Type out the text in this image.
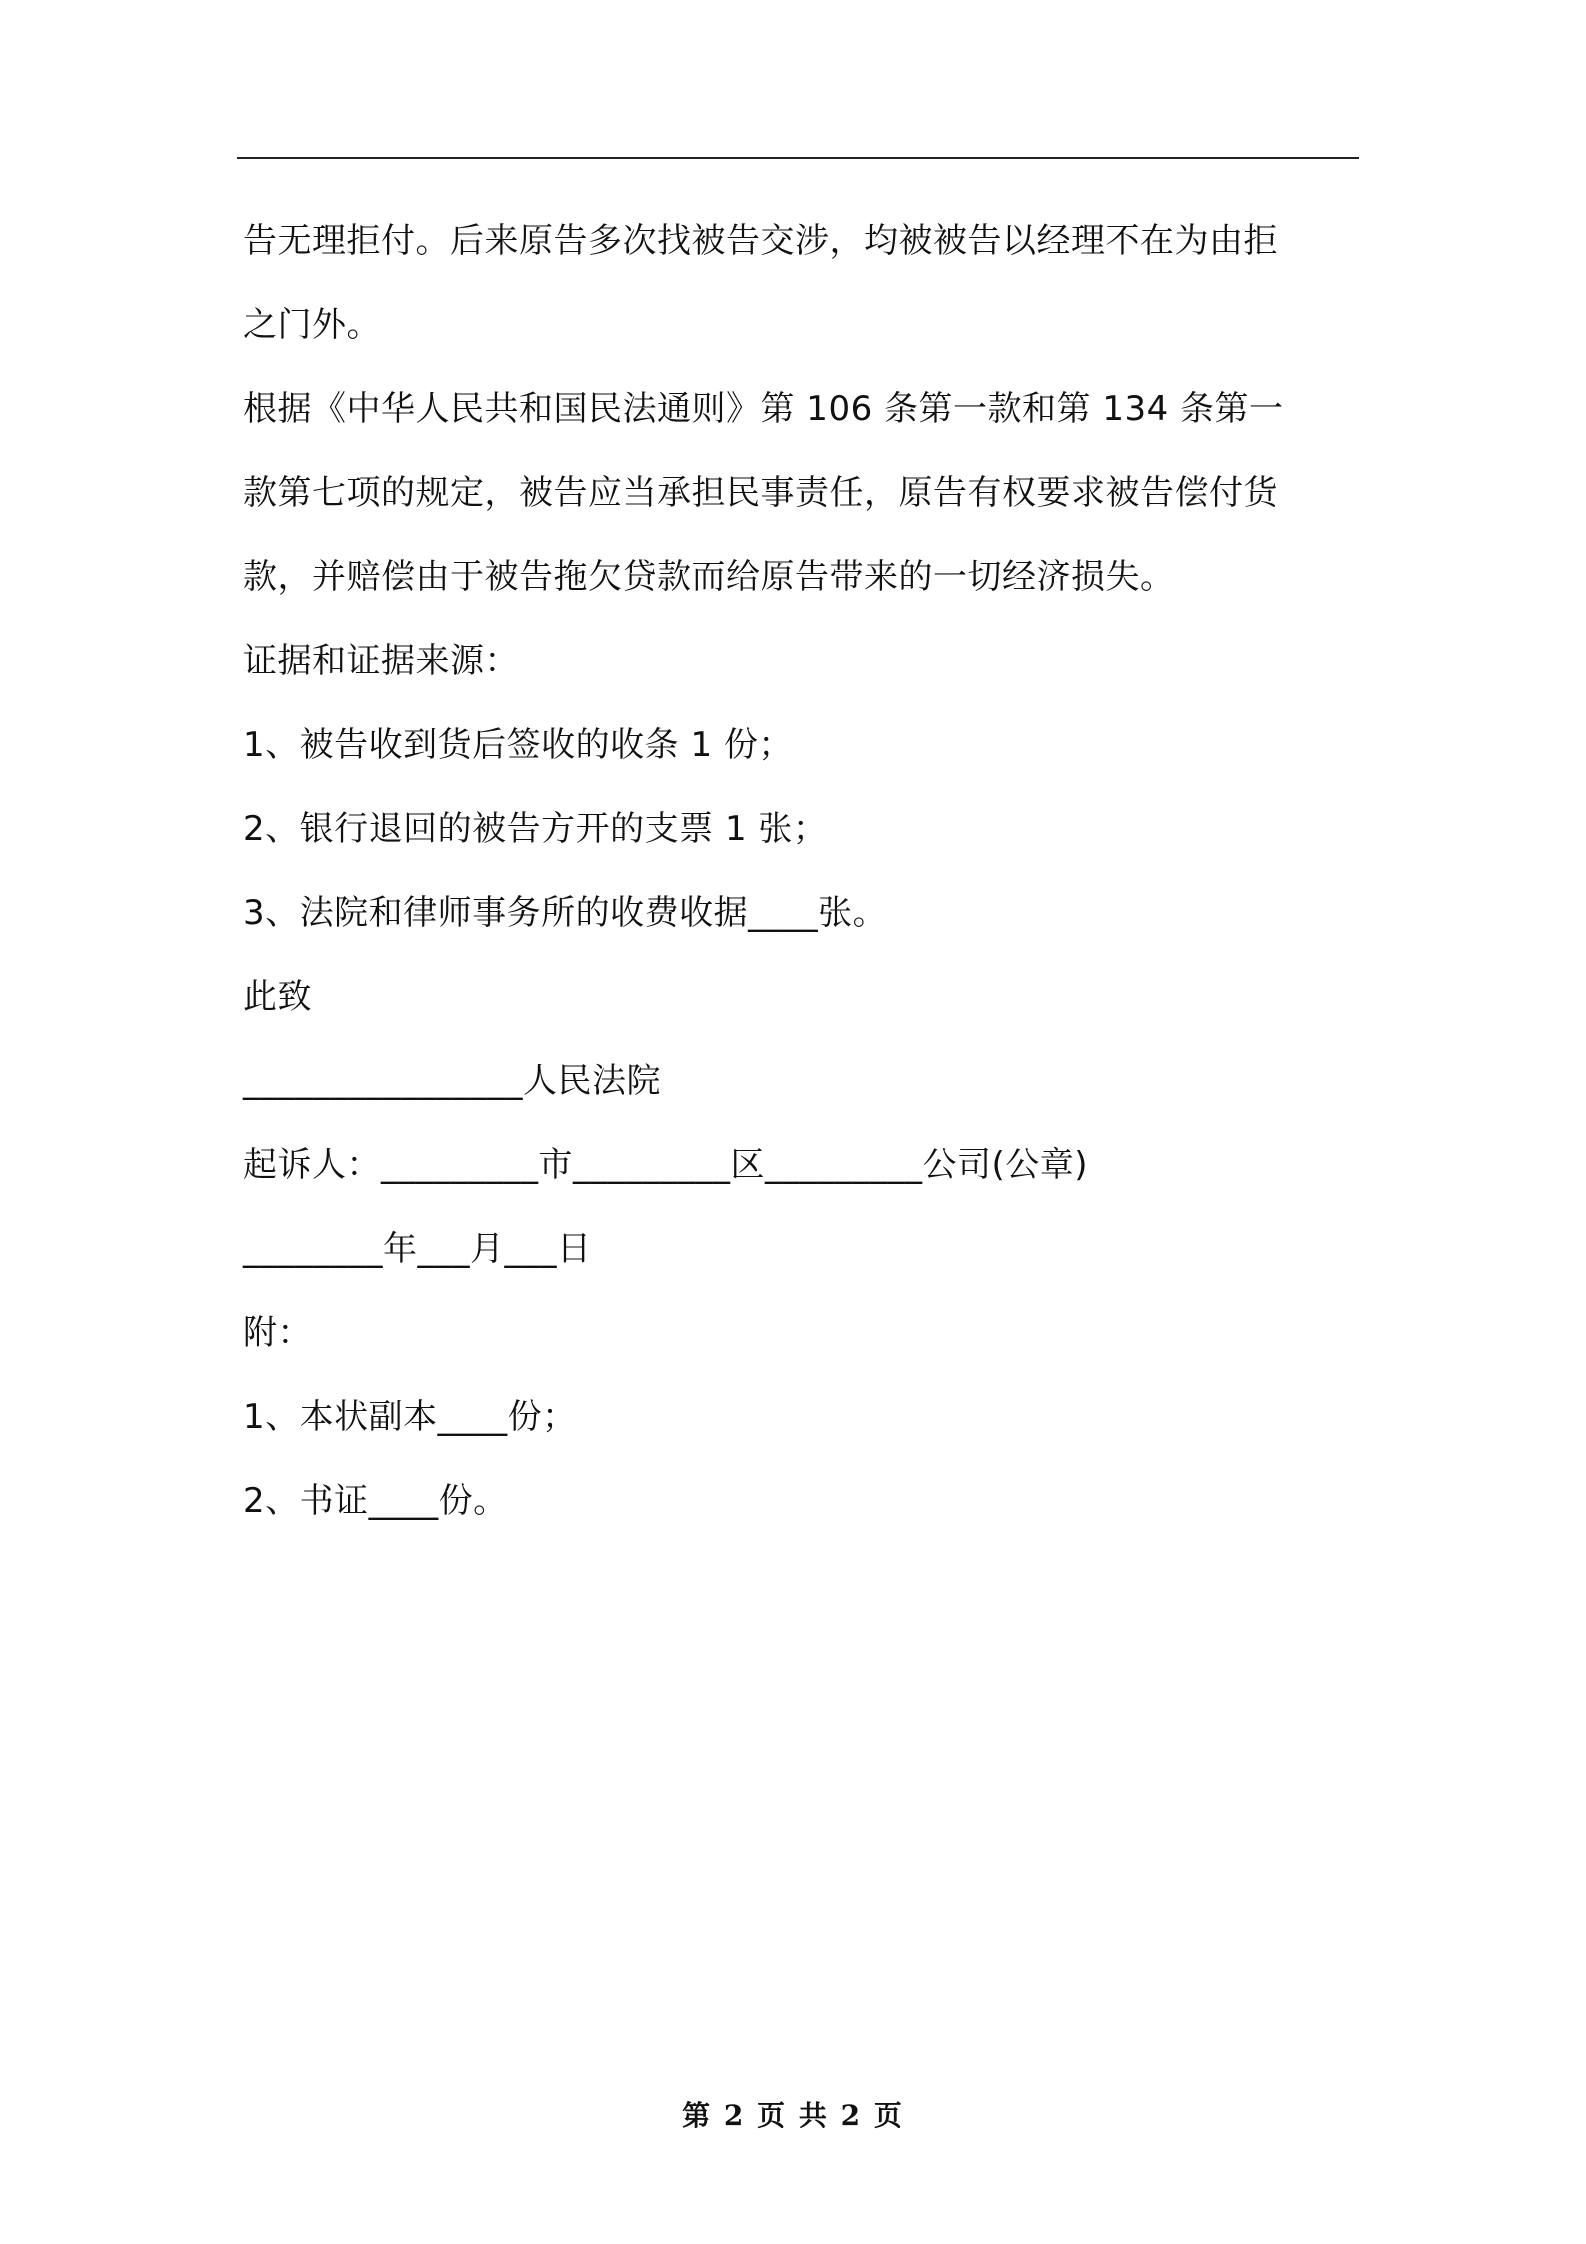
告无理拒付。后来原告多次找被告交涉，均被被告以经理不在为由拒
之门外。
根据《中华人民共和国民法通则》第 106 条第一款和第 134 条第一
款第七项的规定，被告应当承担民事责任，原告有权要求被告偿付货
款，并赔偿由于被告拖欠贷款而给原告带来的一切经济损失。
证据和证据来源：
1、被告收到货后签收的收条 1 份；
2、银行退回的被告方开的支票 1 张；
3、法院和律师事务所的收费收据____张。
此致
________________人民法院
起诉人：_________市_________区_________公司(公章)
________年___月___日
附：
1、本状副本____份；
2、书证____份。
第 2 页 共 2 页
